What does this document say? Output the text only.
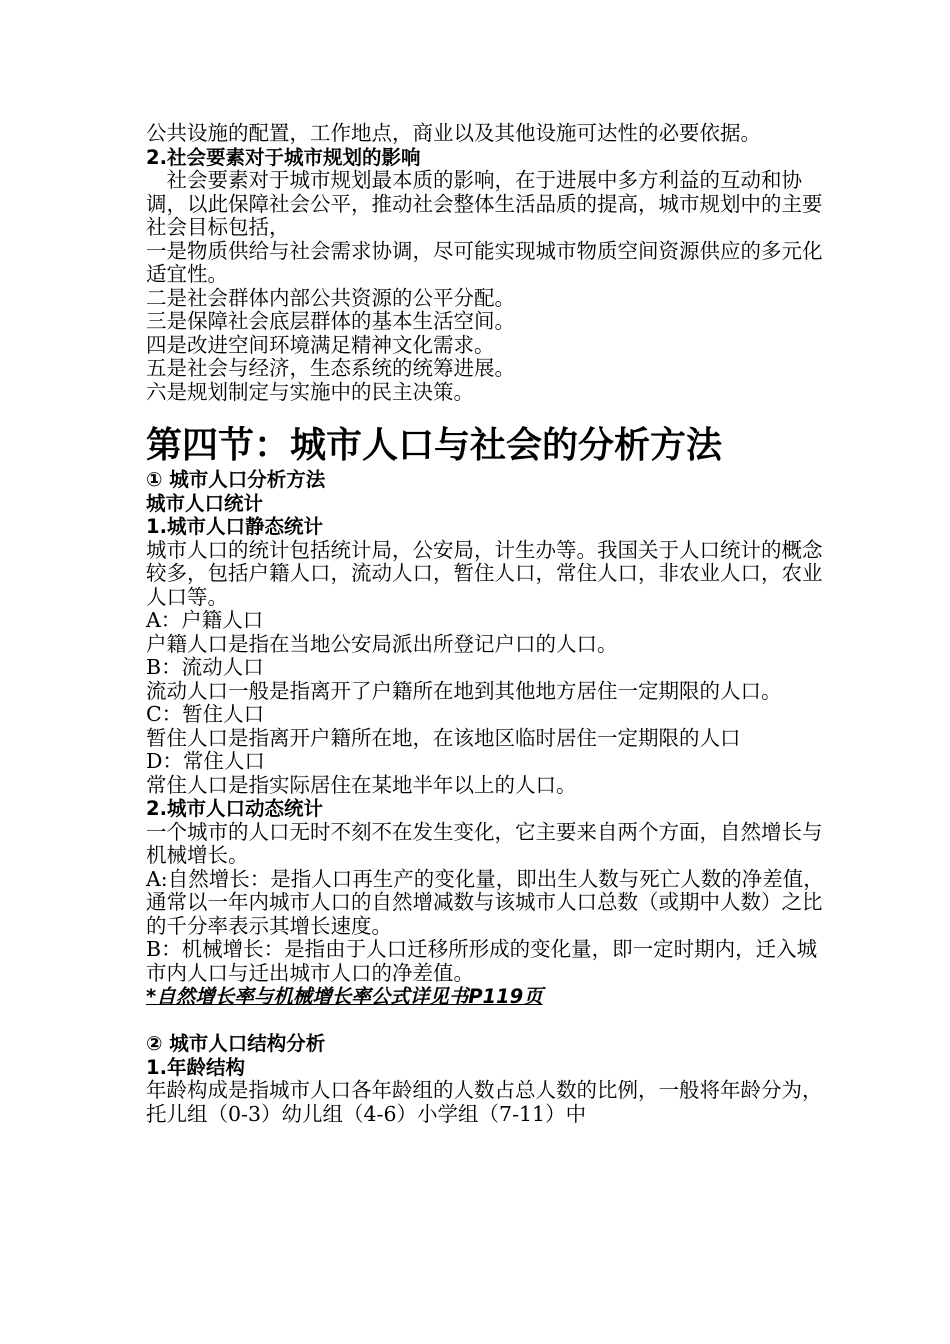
公共设施的配置，工作地点，商业以及其他设施可达性的必要依据。

2.社会要素对于城市规划的影响

社会要素对于城市规划最本质的影响，在于进展中多方利益的互动和协调，以此保障社会公平，推动社会整体生活品质的提高，城市规划中的主要社会目标包括，

一是物质供给与社会需求协调，尽可能实现城市物质空间资源供应的多元化适宜性。

二是社会群体内部公共资源的公平分配。

三是保障社会底层群体的基本生活空间。

四是改进空间环境满足精神文化需求。

五是社会与经济，生态系统的统筹进展。

六是规划制定与实施中的民主决策。

第四节：城市人口与社会的分析方法

① 城市人口分析方法

城市人口统计

1.城市人口静态统计

城市人口的统计包括统计局，公安局，计生办等。我国关于人口统计的概念较多，包括户籍人口，流动人口，暂住人口，常住人口，非农业人口，农业人口等。

A：户籍人口

户籍人口是指在当地公安局派出所登记户口的人口。

B：流动人口

流动人口一般是指离开了户籍所在地到其他地方居住一定期限的人口。

C：暂住人口

暂住人口是指离开户籍所在地，在该地区临时居住一定期限的人口

D：常住人口

常住人口是指实际居住在某地半年以上的人口。

2.城市人口动态统计

一个城市的人口无时不刻不在发生变化，它主要来自两个方面，自然增长与机械增长。

A:自然增长：是指人口再生产的变化量，即出生人数与死亡人数的净差值，通常以一年内城市人口的自然增减数与该城市人口总数（或期中人数）之比的千分率表示其增长速度。

B：机械增长：是指由于人口迁移所形成的变化量，即一定时期内，迁入城市内人口与迁出城市人口的净差值。

*自然增长率与机械增长率公式详见书P119页

② 城市人口结构分析

1.年龄结构

年龄构成是指城市人口各年龄组的人数占总人数的比例，一般将年龄分为，托儿组（0-3）幼儿组（4-6）小学组（7-11）中
